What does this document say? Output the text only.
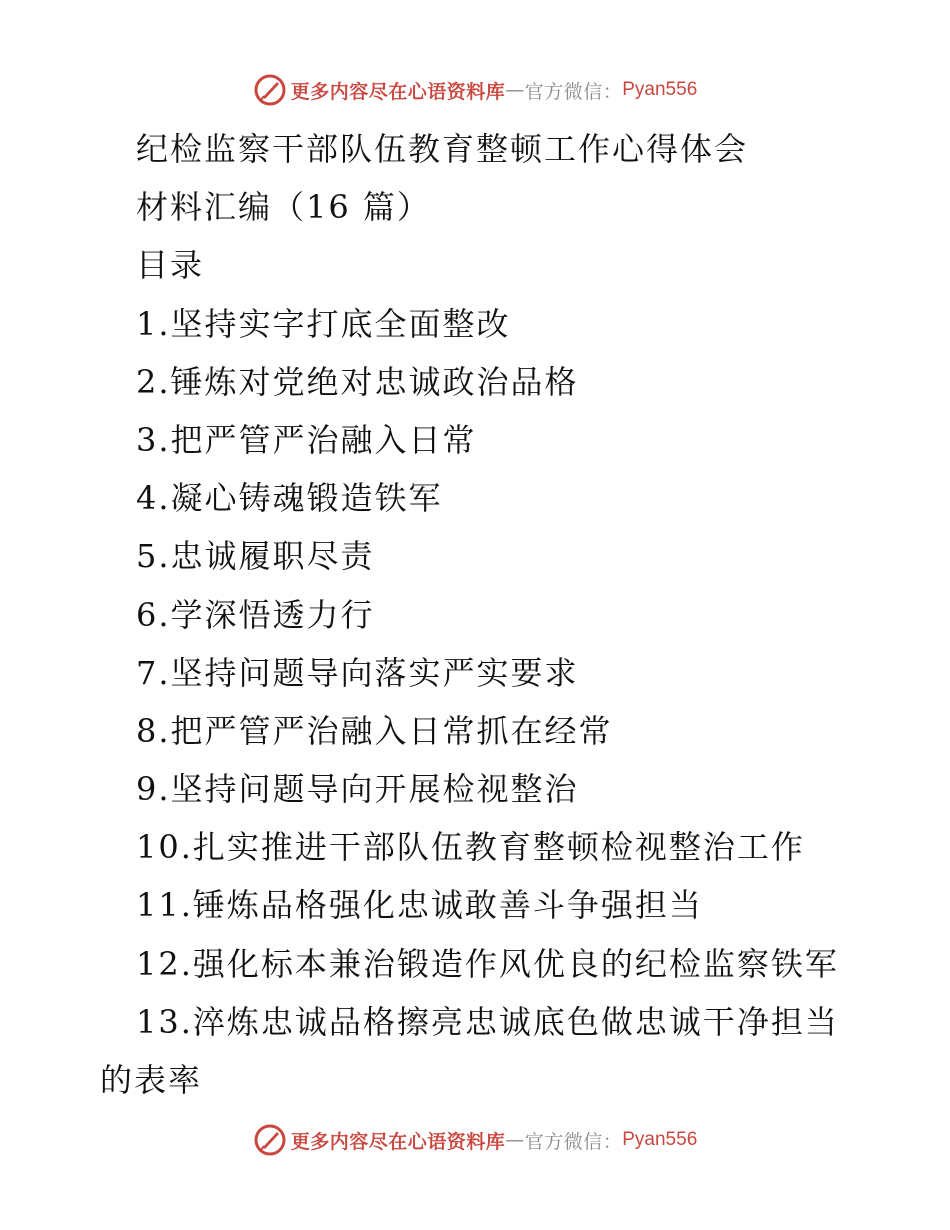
更多内容尽在心语资料库 — 官方微信： Pyan556
纪检监察干部队伍教育整顿工作心得体会
材料汇编（16 篇）
目录
1.坚持实字打底全面整改
2.锤炼对党绝对忠诚政治品格
3.把严管严治融入日常
4.凝心铸魂锻造铁军
5.忠诚履职尽责
6.学深悟透力行
7.坚持问题导向落实严实要求
8.把严管严治融入日常抓在经常
9.坚持问题导向开展检视整治
10.扎实推进干部队伍教育整顿检视整治工作
11.锤炼品格强化忠诚敢善斗争强担当
12.强化标本兼治锻造作风优良的纪检监察铁军
13.淬炼忠诚品格擦亮忠诚底色做忠诚干净担当
的表率
更多内容尽在心语资料库 — 官方微信： Pyan556
